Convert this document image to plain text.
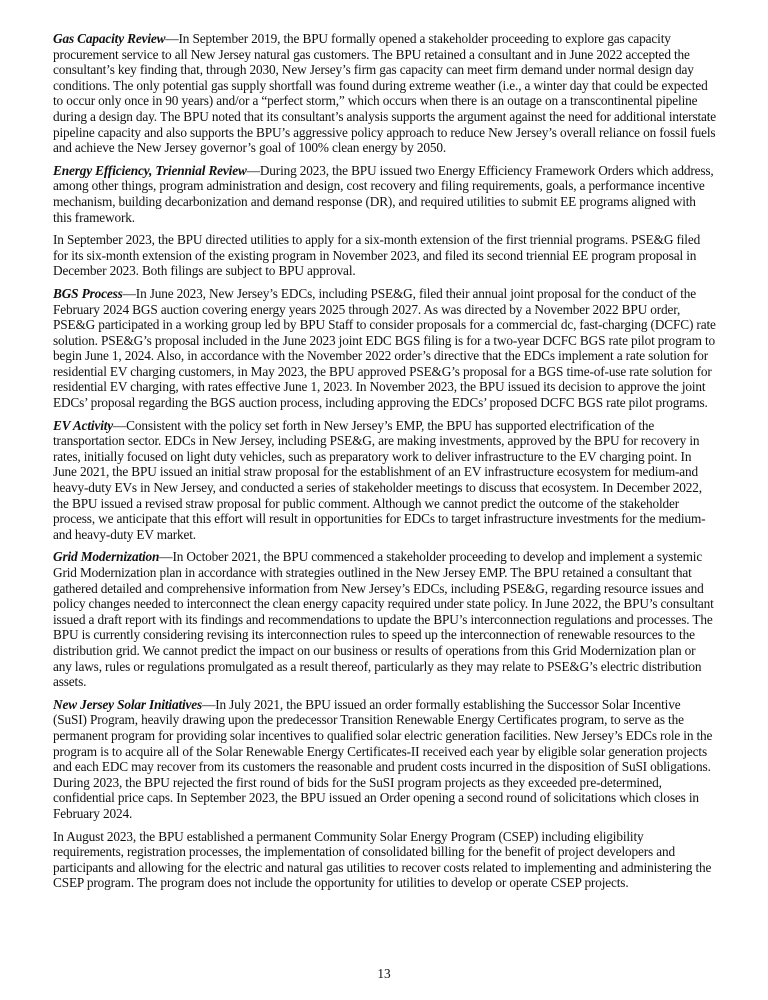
Gas Capacity Review—In September 2019, the BPU formally opened a stakeholder proceeding to explore gas capacity procurement service to all New Jersey natural gas customers. The BPU retained a consultant and in June 2022 accepted the consultant’s key finding that, through 2030, New Jersey’s firm gas capacity can meet firm demand under normal design day conditions. The only potential gas supply shortfall was found during extreme weather (i.e., a winter day that could be expected to occur only once in 90 years) and/or a “perfect storm,” which occurs when there is an outage on a transcontinental pipeline during a design day. The BPU noted that its consultant’s analysis supports the argument against the need for additional interstate pipeline capacity and also supports the BPU’s aggressive policy approach to reduce New Jersey’s overall reliance on fossil fuels and achieve the New Jersey governor’s goal of 100% clean energy by 2050.

Energy Efficiency, Triennial Review—During 2023, the BPU issued two Energy Efficiency Framework Orders which address, among other things, program administration and design, cost recovery and filing requirements, goals, a performance incentive mechanism, building decarbonization and demand response (DR), and required utilities to submit EE programs aligned with this framework.

In September 2023, the BPU directed utilities to apply for a six-month extension of the first triennial programs. PSE&G filed for its six-month extension of the existing program in November 2023, and filed its second triennial EE program proposal in December 2023. Both filings are subject to BPU approval.

BGS Process—In June 2023, New Jersey’s EDCs, including PSE&G, filed their annual joint proposal for the conduct of the February 2024 BGS auction covering energy years 2025 through 2027. As was directed by a November 2022 BPU order, PSE&G participated in a working group led by BPU Staff to consider proposals for a commercial dc, fast-charging (DCFC) rate solution. PSE&G’s proposal included in the June 2023 joint EDC BGS filing is for a two-year DCFC BGS rate pilot program to begin June 1, 2024. Also, in accordance with the November 2022 order’s directive that the EDCs implement a rate solution for residential EV charging customers, in May 2023, the BPU approved PSE&G’s proposal for a BGS time-of-use rate solution for residential EV charging, with rates effective June 1, 2023. In November 2023, the BPU issued its decision to approve the joint EDCs’ proposal regarding the BGS auction process, including approving the EDCs’ proposed DCFC BGS rate pilot programs.

EV Activity—Consistent with the policy set forth in New Jersey’s EMP, the BPU has supported electrification of the transportation sector. EDCs in New Jersey, including PSE&G, are making investments, approved by the BPU for recovery in rates, initially focused on light duty vehicles, such as preparatory work to deliver infrastructure to the EV charging point. In June 2021, the BPU issued an initial straw proposal for the establishment of an EV infrastructure ecosystem for medium-and heavy-duty EVs in New Jersey, and conducted a series of stakeholder meetings to discuss that ecosystem. In December 2022, the BPU issued a revised straw proposal for public comment. Although we cannot predict the outcome of the stakeholder process, we anticipate that this effort will result in opportunities for EDCs to target infrastructure investments for the medium- and heavy-duty EV market.

Grid Modernization—In October 2021, the BPU commenced a stakeholder proceeding to develop and implement a systemic Grid Modernization plan in accordance with strategies outlined in the New Jersey EMP. The BPU retained a consultant that gathered detailed and comprehensive information from New Jersey’s EDCs, including PSE&G, regarding resource issues and policy changes needed to interconnect the clean energy capacity required under state policy. In June 2022, the BPU’s consultant issued a draft report with its findings and recommendations to update the BPU’s interconnection regulations and processes. The BPU is currently considering revising its interconnection rules to speed up the interconnection of renewable resources to the distribution grid. We cannot predict the impact on our business or results of operations from this Grid Modernization plan or any laws, rules or regulations promulgated as a result thereof, particularly as they may relate to PSE&G’s electric distribution assets.

New Jersey Solar Initiatives—In July 2021, the BPU issued an order formally establishing the Successor Solar Incentive (SuSI) Program, heavily drawing upon the predecessor Transition Renewable Energy Certificates program, to serve as the permanent program for providing solar incentives to qualified solar electric generation facilities. New Jersey’s EDCs role in the program is to acquire all of the Solar Renewable Energy Certificates-II received each year by eligible solar generation projects and each EDC may recover from its customers the reasonable and prudent costs incurred in the disposition of SuSI obligations. During 2023, the BPU rejected the first round of bids for the SuSI program projects as they exceeded pre-determined, confidential price caps. In September 2023, the BPU issued an Order opening a second round of solicitations which closes in February 2024.

In August 2023, the BPU established a permanent Community Solar Energy Program (CSEP) including eligibility requirements, registration processes, the implementation of consolidated billing for the benefit of project developers and participants and allowing for the electric and natural gas utilities to recover costs related to implementing and administering the CSEP program. The program does not include the opportunity for utilities to develop or operate CSEP projects.

13
